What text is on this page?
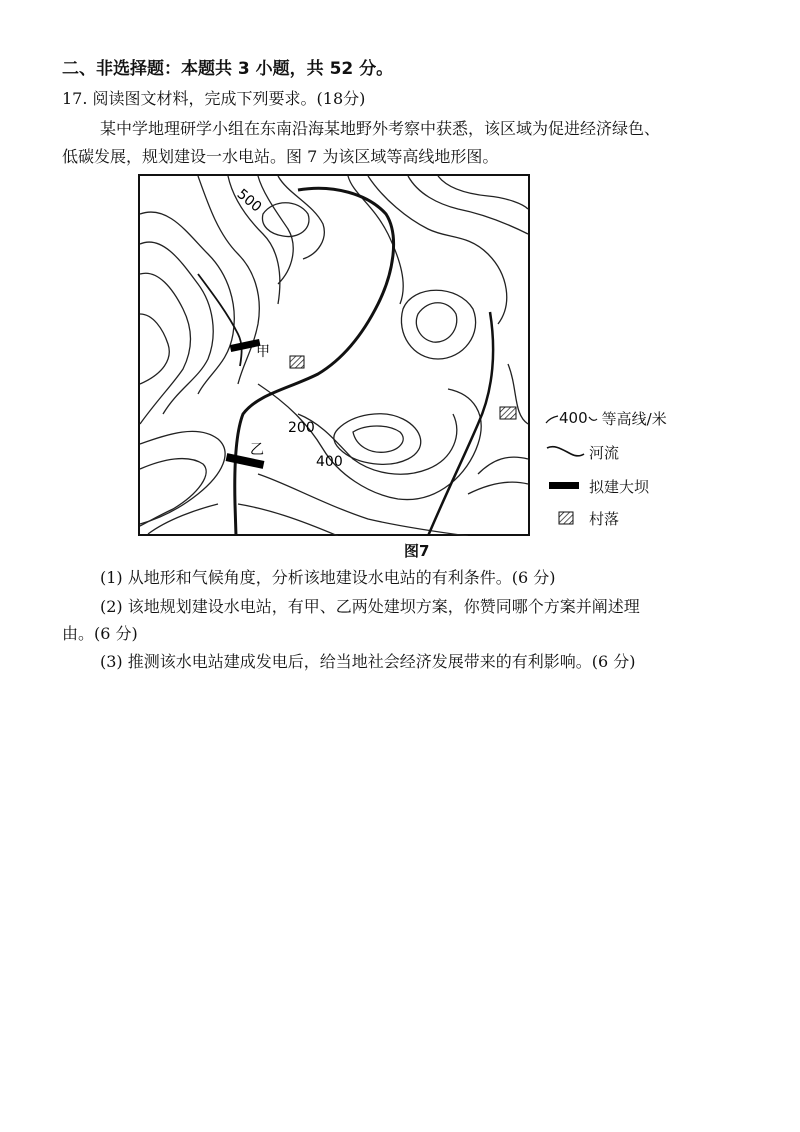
二、非选择题：本题共 3 小题，共 52 分。
17. 阅读图文材料，完成下列要求。(18分)
某中学地理研学小组在东南沿海某地野外考察中获悉，该区域为促进经济绿色、
低碳发展，规划建设一水电站。图 7 为该区域等高线地形图。
500
200
400
甲
乙
图7
400 等高线/米
河流
拟建大坝
村落
(1) 从地形和气候角度，分析该地建设水电站的有利条件。(6 分)
(2) 该地规划建设水电站，有甲、乙两处建坝方案，你赞同哪个方案并阐述理
由。(6 分)
(3) 推测该水电站建成发电后，给当地社会经济发展带来的有利影响。(6 分)
